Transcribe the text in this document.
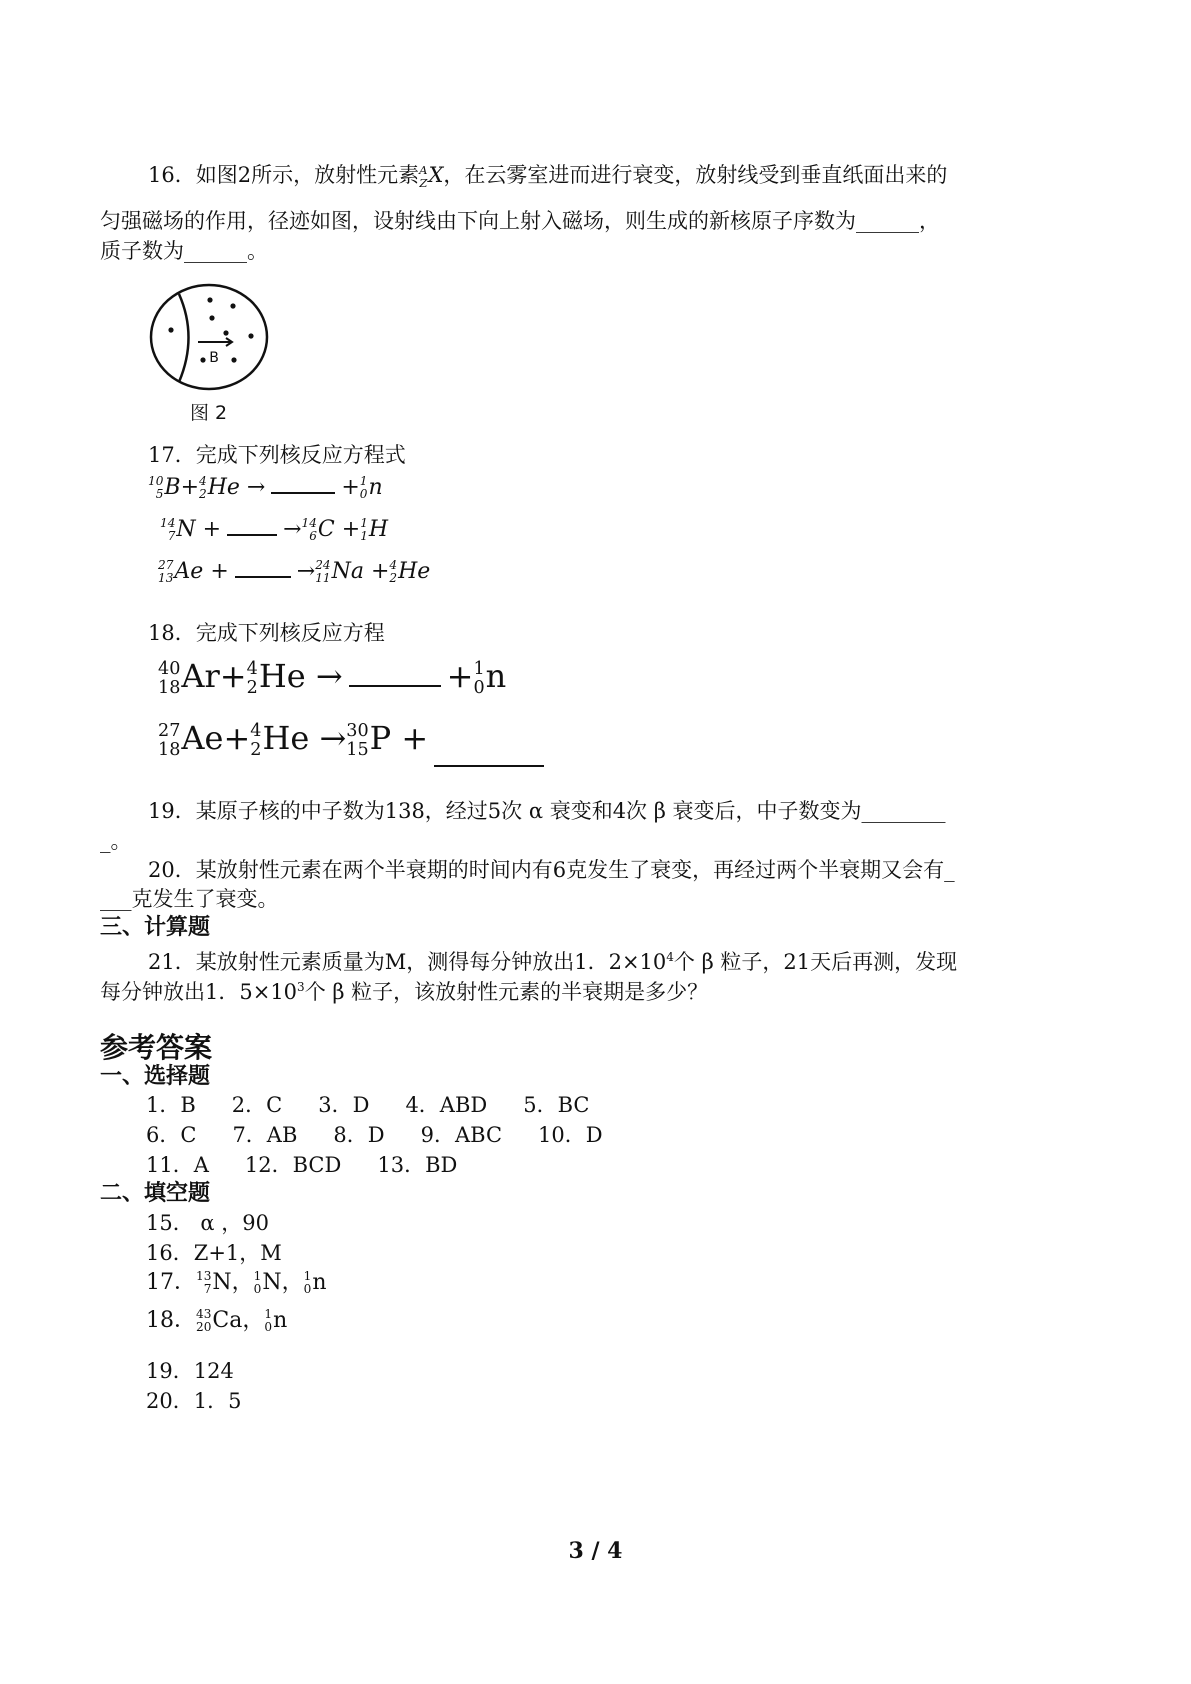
16．如图2所示，放射性元素 A
Z X，在云雾室进而进行衰变，放射线受到垂直纸面出来的
匀强磁场的作用，径迹如图，设射线由下向上射入磁场，则生成的新核原子序数为______，
质子数为______。
B
图 2
17．完成下列核反应方程式
10
5 B+ 4
2 He →	+ 1
0 n
14
7 N +	→ 14
6 C + 1
1 H
27
13 Ae +	→ 24
11 Na + 4
2 He
18．完成下列核反应方程
40
18 Ar+ 4
2 He →	+ 1
0 n
27
18 Ae+ 4
2 He → 30
15 P +
19．某原子核的中子数为138，经过5次 α 衰变和4次 β 衰变后，中子数变为________
_。
20．某放射性元素在两个半衰期的时间内有6克发生了衰变，再经过两个半衰期又会有_
___克发生了衰变。
三、计算题
21．某放射性元素质量为M，测得每分钟放出1．$2\times 10^4$个 β 粒子，21天后再测，发现
每分钟放出1．$5\times 10^3$个 β 粒子，该放射性元素的半衰期是多少？
参考答案
一、选择题
1．B 2．C 3．D 4．ABD 5．BC
6．C 7．AB 8．D 9．ABC 10．D
11．A 12．BCD 13．BD
二、填空题
15． α ，90
16．Z+1，M
17． 13
7 N， 1
0 N， 1
0 n
18． 43
20 Ca， 1
0 n
19．124
20．1．5
3 / 4
